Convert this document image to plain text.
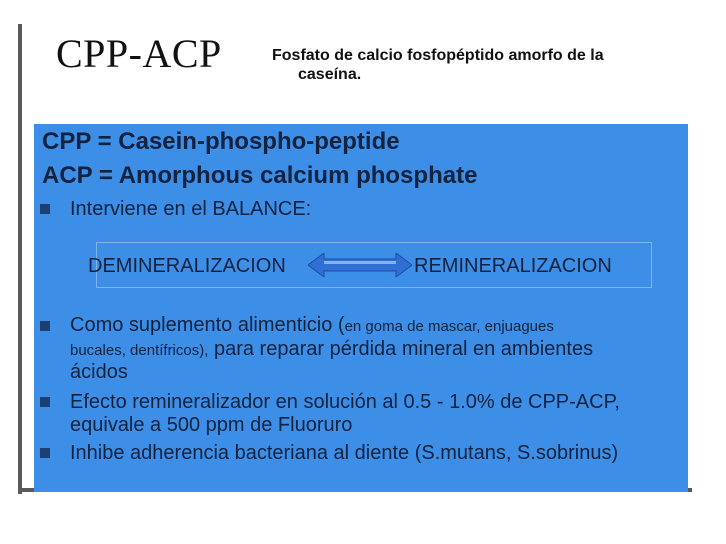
CPP-ACP	Fosfato de calcio fosfopéptido amorfo de la
caseína.
CPP = Casein-phospho-peptide
ACP = Amorphous calcium phosphate
Interviene en el BALANCE:
DEMINERALIZACION	REMINERALIZACION
Como suplemento alimenticio (en goma de mascar, enjuagues
bucales, dentífricos), para reparar pérdida mineral en ambientes
ácidos
Efecto remineralizador en solución al 0.5 - 1.0% de CPP-ACP,
equivale a 500 ppm de Fluoruro
Inhibe adherencia bacteriana al diente (S.mutans, S.sobrinus)
